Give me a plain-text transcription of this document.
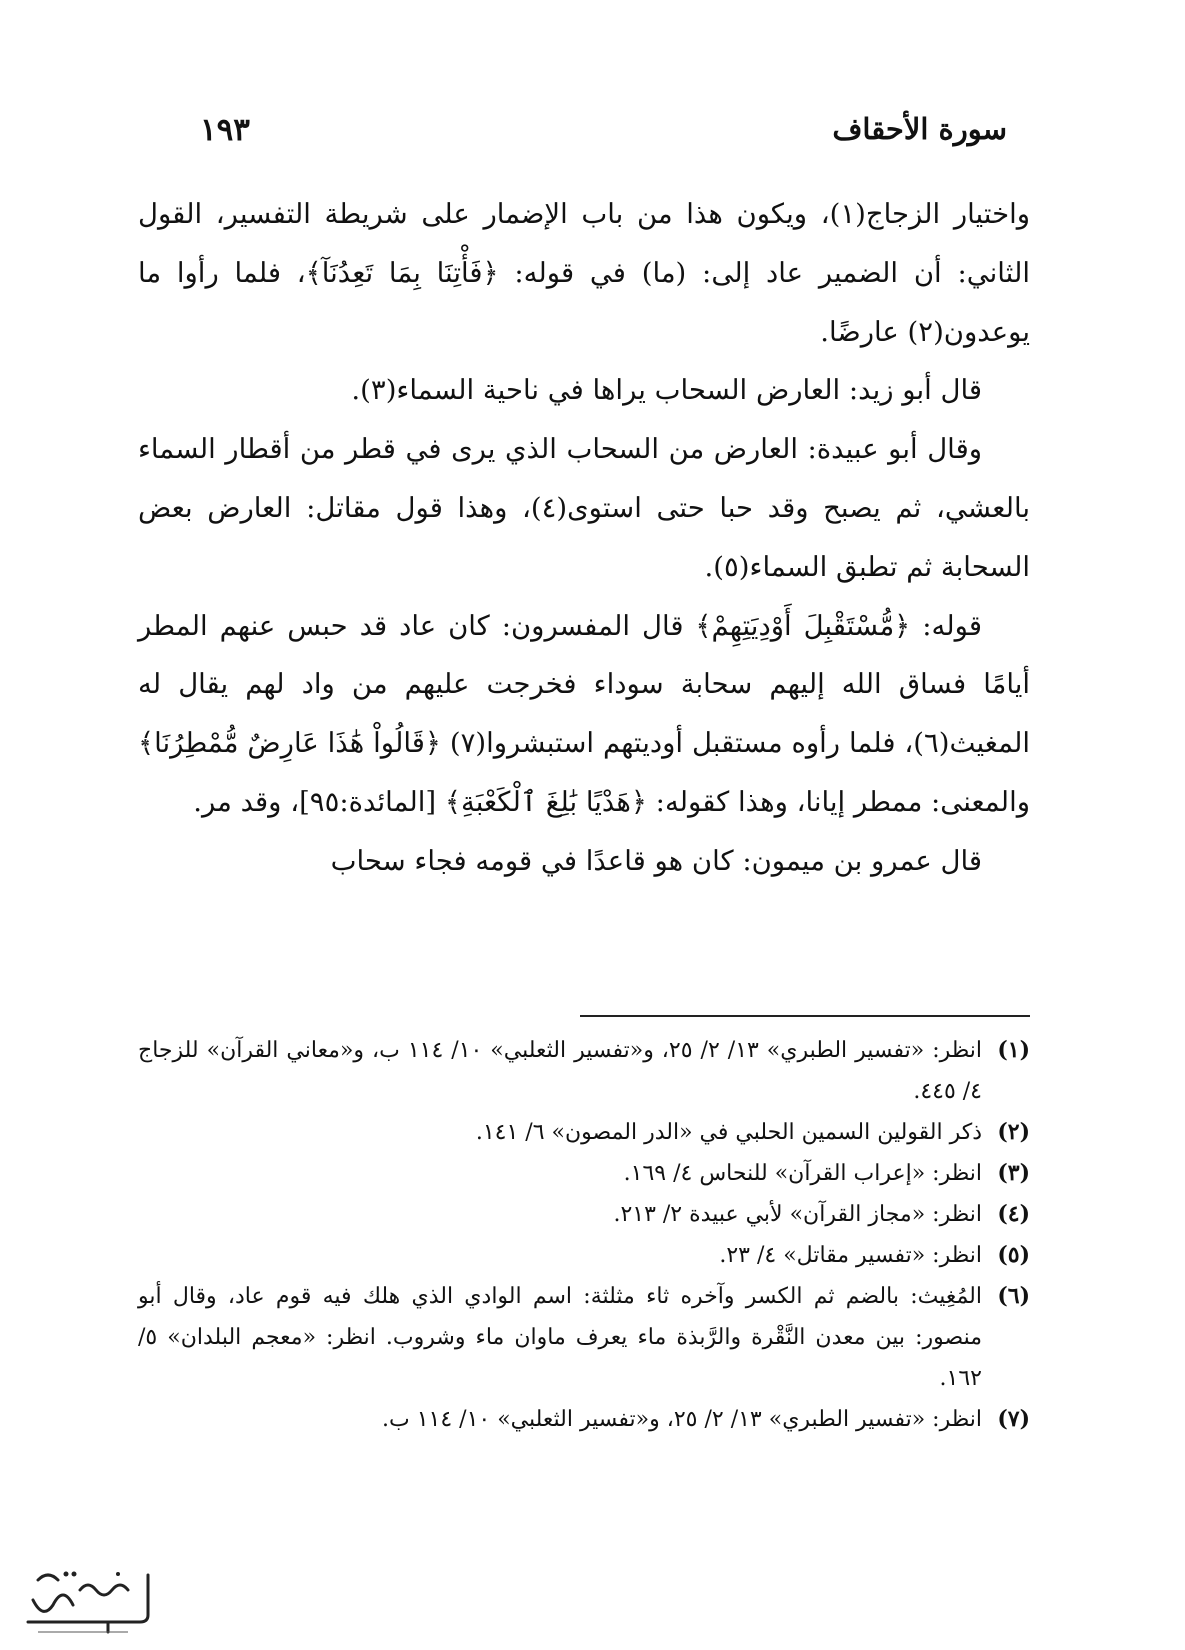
سورة الأحقاف
١٩٣

واختيار الزجاج(١)، ويكون هذا من باب الإضمار على شريطة التفسير، القول الثاني: أن الضمير عاد إلى: (ما) في قوله: ﴿فَأْتِنَا بِمَا تَعِدُنَآ﴾، فلما رأوا ما يوعدون(٢) عارضًا.

قال أبو زيد: العارض السحاب يراها في ناحية السماء(٣).

وقال أبو عبيدة: العارض من السحاب الذي يرى في قطر من أقطار السماء بالعشي، ثم يصبح وقد حبا حتى استوى(٤)، وهذا قول مقاتل: العارض بعض السحابة ثم تطبق السماء(٥).

قوله: ﴿مُّسْتَقْبِلَ أَوْدِيَتِهِمْ﴾ قال المفسرون: كان عاد قد حبس عنهم المطر أيامًا فساق الله إليهم سحابة سوداء فخرجت عليهم من واد لهم يقال له المغيث(٦)، فلما رأوه مستقبل أوديتهم استبشروا(٧) ﴿قَالُواْ هَٰذَا عَارِضٌ مُّمْطِرُنَا﴾ والمعنى: ممطر إيانا، وهذا كقوله: ﴿هَدْيًا بَٰلِغَ ٱلْكَعْبَةِ﴾ [المائدة:٩٥]، وقد مر.

قال عمرو بن ميمون: كان هو قاعدًا في قومه فجاء سحاب

(١)انظر: «تفسير الطبري» ١٣/ ٢/ ٢٥، و«تفسير الثعلبي» ١٠/ ١١٤ ب، و«معاني القرآن» للزجاج ٤/ ٤٤٥.

(٢)ذكر القولين السمين الحلبي في «الدر المصون» ٦/ ١٤١.

(٣)انظر: «إعراب القرآن» للنحاس ٤/ ١٦٩.

(٤)انظر: «مجاز القرآن» لأبي عبيدة ٢/ ٢١٣.

(٥)انظر: «تفسير مقاتل» ٤/ ٢٣.

(٦)المُغِيث: بالضم ثم الكسر وآخره ثاء مثلثة: اسم الوادي الذي هلك فيه قوم عاد، وقال أبو منصور: بين معدن النَّقْرة والرَّبذة ماء يعرف ماوان ماء وشروب. انظر: «معجم البلدان» ٥/ ١٦٢.

(٧)انظر: «تفسير الطبري» ١٣/ ٢/ ٢٥، و«تفسير الثعلبي» ١٠/ ١١٤ ب.
